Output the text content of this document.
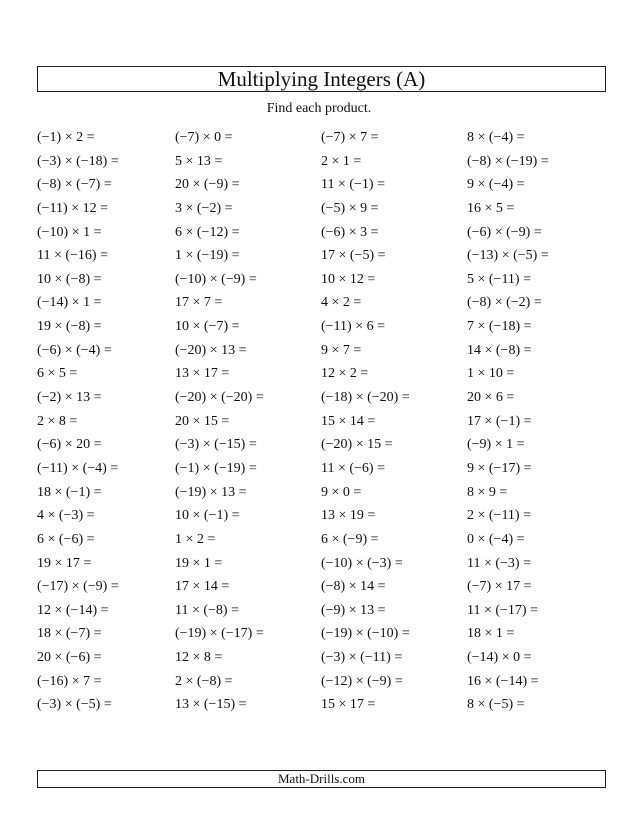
Multiplying Integers (A)
Find each product.
(−1) × 2 =	(−7) × 0 =	(−7) × 7 =	8 × (−4) =
(−3) × (−18) =	5 × 13 =	2 × 1 =	(−8) × (−19) =
(−8) × (−7) =	20 × (−9) =	11 × (−1) =	9 × (−4) =
(−11) × 12 =	3 × (−2) =	(−5) × 9 =	16 × 5 =
(−10) × 1 =	6 × (−12) =	(−6) × 3 =	(−6) × (−9) =
11 × (−16) =	1 × (−19) =	17 × (−5) =	(−13) × (−5) =
10 × (−8) =	(−10) × (−9) =	10 × 12 =	5 × (−11) =
(−14) × 1 =	17 × 7 =	4 × 2 =	(−8) × (−2) =
19 × (−8) =	10 × (−7) =	(−11) × 6 =	7 × (−18) =
(−6) × (−4) =	(−20) × 13 =	9 × 7 =	14 × (−8) =
6 × 5 =	13 × 17 =	12 × 2 =	1 × 10 =
(−2) × 13 =	(−20) × (−20) =	(−18) × (−20) =	20 × 6 =
2 × 8 =	20 × 15 =	15 × 14 =	17 × (−1) =
(−6) × 20 =	(−3) × (−15) =	(−20) × 15 =	(−9) × 1 =
(−11) × (−4) =	(−1) × (−19) =	11 × (−6) =	9 × (−17) =
18 × (−1) =	(−19) × 13 =	9 × 0 =	8 × 9 =
4 × (−3) =	10 × (−1) =	13 × 19 =	2 × (−11) =
6 × (−6) =	1 × 2 =	6 × (−9) =	0 × (−4) =
19 × 17 =	19 × 1 =	(−10) × (−3) =	11 × (−3) =
(−17) × (−9) =	17 × 14 =	(−8) × 14 =	(−7) × 17 =
12 × (−14) =	11 × (−8) =	(−9) × 13 =	11 × (−17) =
18 × (−7) =	(−19) × (−17) =	(−19) × (−10) =	18 × 1 =
20 × (−6) =	12 × 8 =	(−3) × (−11) =	(−14) × 0 =
(−16) × 7 =	2 × (−8) =	(−12) × (−9) =	16 × (−14) =
(−3) × (−5) =	13 × (−15) =	15 × 17 =	8 × (−5) =
Math-Drills.com
